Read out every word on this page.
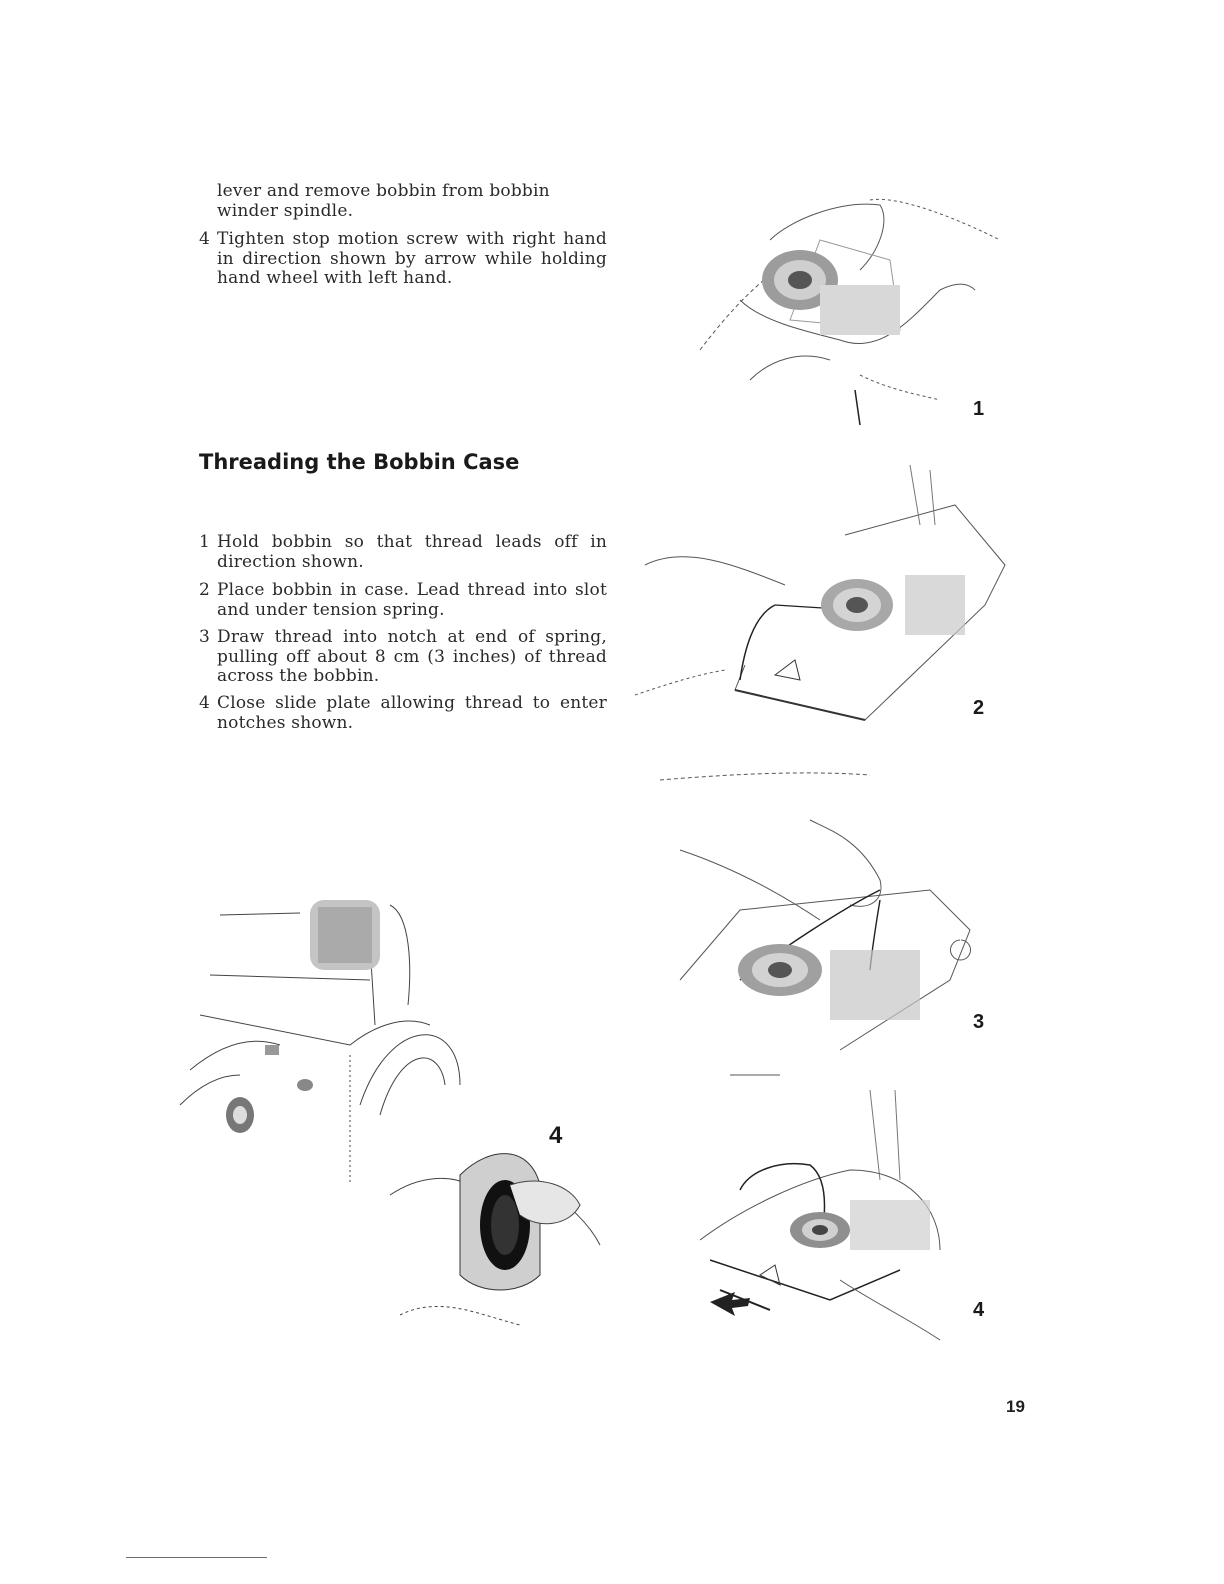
lever and remove bobbin from bobbin winder spindle.
4 Tighten stop motion screw with right hand in direction shown by arrow while holding hand wheel with left hand.
Threading the Bobbin Case
1 Hold bobbin so that thread leads off in direction shown.
2 Place bobbin in case. Lead thread into slot and under tension spring.
3 Draw thread into notch at end of spring, pulling off about 8 cm (3 inches) of thread across the bobbin.
4 Close slide plate allowing thread to enter notches shown.
1
2
3
4
4
19
